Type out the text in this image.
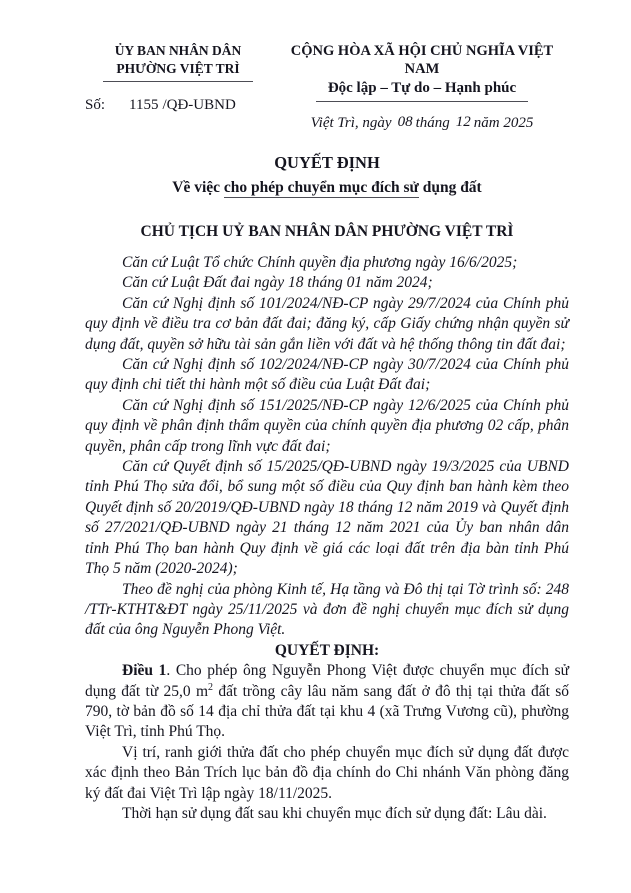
ỦY BAN NHÂN DÂN
PHƯỜNG VIỆT TRÌ
Số: 1155 /QĐ-UBND
CỘNG HÒA XÃ HỘI CHỦ NGHĨA VIỆT NAM
Độc lập – Tự do – Hạnh phúc
Việt Trì, ngày 08 tháng 12 năm 2025
QUYẾT ĐỊNH
Về việc cho phép chuyển mục đích sử dụng đất
CHỦ TỊCH UỶ BAN NHÂN DÂN PHƯỜNG VIỆT TRÌ

Căn cứ Luật Tổ chức Chính quyền địa phương ngày 16/6/2025;

Căn cứ Luật Đất đai ngày 18 tháng 01 năm 2024;

Căn cứ Nghị định số 101/2024/NĐ-CP ngày 29/7/2024 của Chính phủ quy định về điều tra cơ bản đất đai; đăng ký, cấp Giấy chứng nhận quyền sử dụng đất, quyền sở hữu tài sản gắn liền với đất và hệ thống thông tin đất đai;

Căn cứ Nghị định số 102/2024/NĐ-CP ngày 30/7/2024 của Chính phủ quy định chi tiết thi hành một số điều của Luật Đất đai;

Căn cứ Nghị định số 151/2025/NĐ-CP ngày 12/6/2025 của Chính phủ quy định về phân định thẩm quyền của chính quyền địa phương 02 cấp, phân quyền, phân cấp trong lĩnh vực đất đai;

Căn cứ Quyết định số 15/2025/QĐ-UBND ngày 19/3/2025 của UBND tỉnh Phú Thọ sửa đổi, bổ sung một số điều của Quy định ban hành kèm theo Quyết định số 20/2019/QĐ-UBND ngày 18 tháng 12 năm 2019 và Quyết định số 27/2021/QĐ-UBND ngày 21 tháng 12 năm 2021 của Ủy ban nhân dân tỉnh Phú Thọ ban hành Quy định về giá các loại đất trên địa bàn tỉnh Phú Thọ 5 năm (2020-2024);

Theo đề nghị của phòng Kinh tế, Hạ tầng và Đô thị tại Tờ trình số: 248 /TTr-KTHT&ĐT ngày 25/11/2025 và đơn đề nghị chuyển mục đích sử dụng đất của ông Nguyễn Phong Việt.

QUYẾT ĐỊNH:

Điều 1. Cho phép ông Nguyễn Phong Việt được chuyển mục đích sử dụng đất từ 25,0 $m^2$ đất trồng cây lâu năm sang đất ở đô thị tại thửa đất số 790, tờ bản đồ số 14 địa chỉ thửa đất tại khu 4 (xã Trưng Vương cũ), phường Việt Trì, tỉnh Phú Thọ.

Vị trí, ranh giới thửa đất cho phép chuyển mục đích sử dụng đất được xác định theo Bản Trích lục bản đồ địa chính do Chi nhánh Văn phòng đăng ký đất đai Việt Trì lập ngày 18/11/2025.

Thời hạn sử dụng đất sau khi chuyển mục đích sử dụng đất: Lâu dài.
